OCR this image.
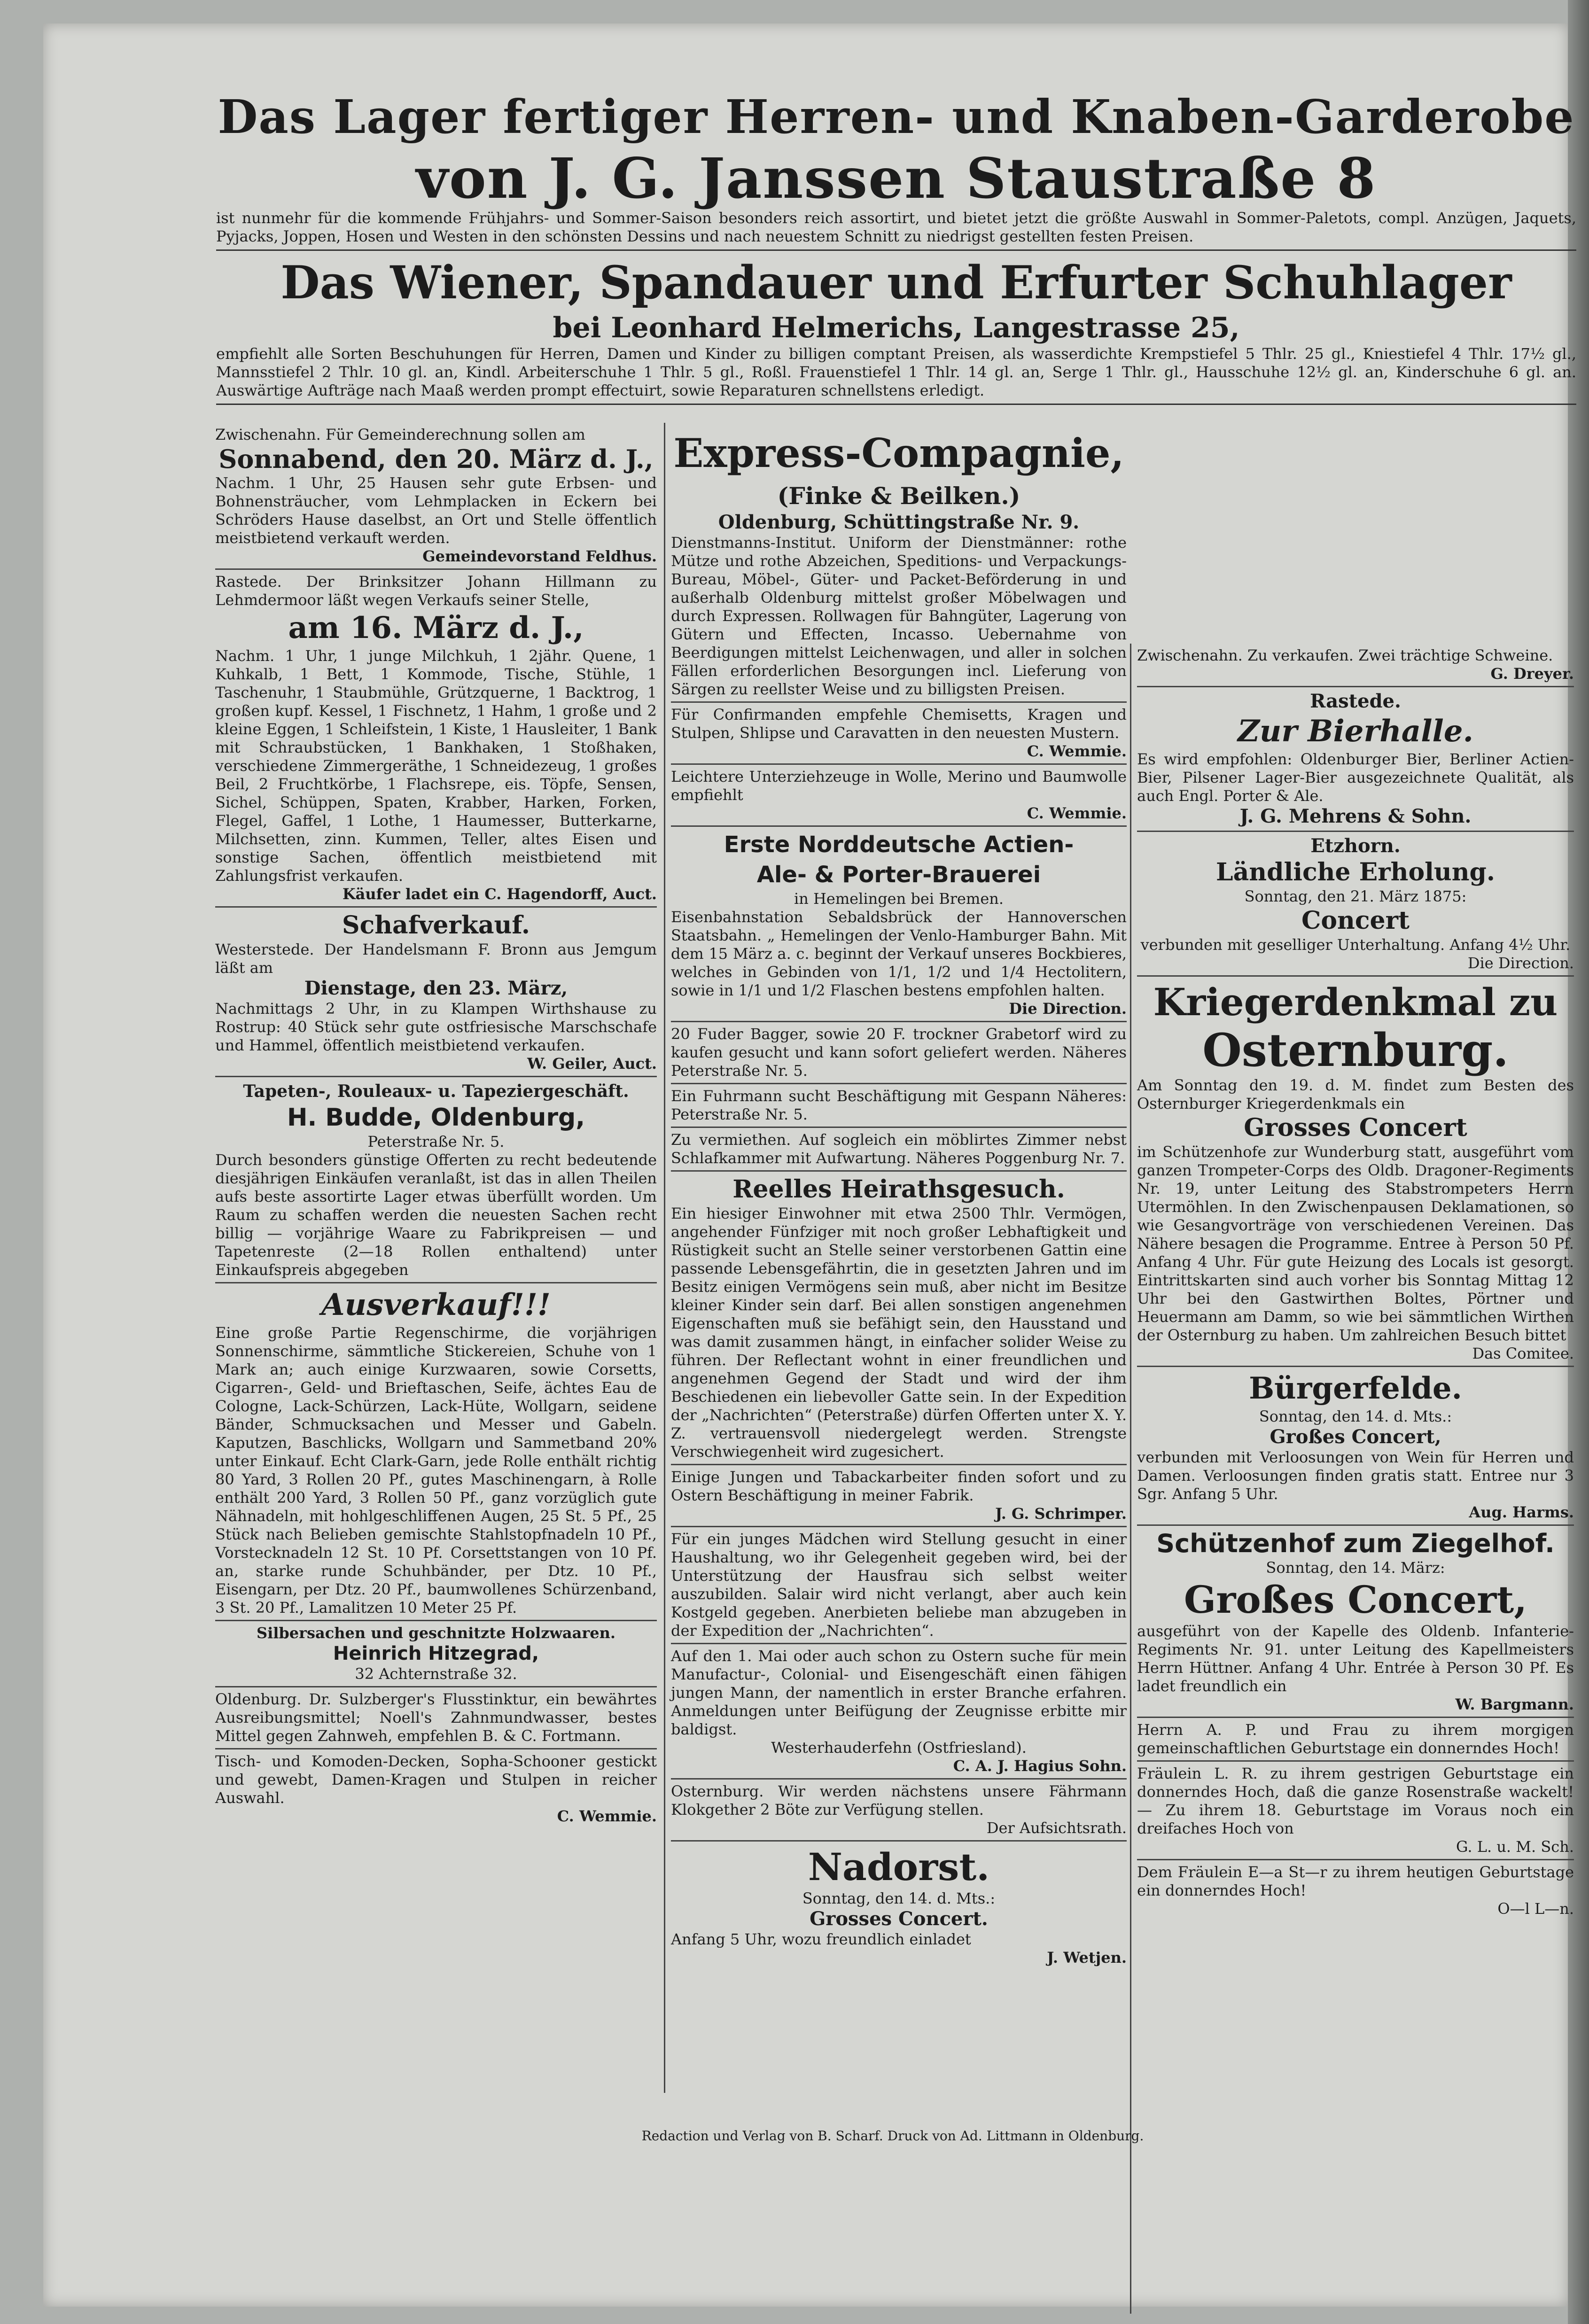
Das Lager fertiger Herren- und Knaben-Garderobe
von J. G. Janssen Staustraße 8

ist nunmehr für die kommende Frühjahrs- und Sommer-Saison besonders reich assortirt, und bietet jetzt die größte Auswahl in Sommer-Paletots, compl. Anzügen, Jaquets, Pyjacks, Joppen, Hosen und Westen in den schönsten Dessins und nach neuestem Schnitt zu niedrigst gestellten festen Preisen.

Das Wiener, Spandauer und Erfurter Schuhlager
bei Leonhard Helmerichs, Langestrasse 25,

empfiehlt alle Sorten Beschuhungen für Herren, Damen und Kinder zu billigen comptant Preisen, als wasserdichte Krempstiefel 5 Thlr. 25 gl., Kniestiefel 4 Thlr. 17½ gl., Mannsstiefel 2 Thlr. 10 gl. an, Kindl. Arbeiterschuhe 1 Thlr. 5 gl., Roßl. Frauenstiefel 1 Thlr. 14 gl. an, Serge 1 Thlr. gl., Hausschuhe 12½ gl. an, Kinderschuhe 6 gl. an. Auswärtige Aufträge nach Maaß werden prompt effectuirt, sowie Reparaturen schnellstens erledigt.

Zwischenahn. Für Gemeinderechnung sollen am

Sonnabend, den 20. März d. J.,

Nachm. 1 Uhr, 25 Hausen sehr gute Erbsen- und Bohnensträucher, vom Lehmplacken in Eckern bei Schröders Hause daselbst, an Ort und Stelle öffentlich meistbietend verkauft werden.

Gemeindevorstand Feldhus.

Rastede. Der Brinksitzer Johann Hillmann zu Lehmdermoor läßt wegen Verkaufs seiner Stelle,

am 16. März d. J.,

Nachm. 1 Uhr, 1 junge Milchkuh, 1 2jähr. Quene, 1 Kuhkalb, 1 Bett, 1 Kommode, Tische, Stühle, 1 Taschenuhr, 1 Staubmühle, Grützquerne, 1 Backtrog, 1 großen kupf. Kessel, 1 Fischnetz, 1 Hahm, 1 große und 2 kleine Eggen, 1 Schleifstein, 1 Kiste, 1 Hausleiter, 1 Bank mit Schraubstücken, 1 Bankhaken, 1 Stoßhaken, verschiedene Zimmergeräthe, 1 Schneidezeug, 1 großes Beil, 2 Fruchtkörbe, 1 Flachsrepe, eis. Töpfe, Sensen, Sichel, Schüppen, Spaten, Krabber, Harken, Forken, Flegel, Gaffel, 1 Lothe, 1 Haumesser, Butterkarne, Milchsetten, zinn. Kummen, Teller, altes Eisen und sonstige Sachen, öffentlich meistbietend mit Zahlungsfrist verkaufen.

Käufer ladet ein C. Hagendorff, Auct.

Schafverkauf.

Westerstede. Der Handelsmann F. Bronn aus Jemgum läßt am

Dienstage, den 23. März,

Nachmittags 2 Uhr, in zu Klampen Wirthshause zu Rostrup: 40 Stück sehr gute ostfriesische Marschschafe und Hammel, öffentlich meistbietend verkaufen.

W. Geiler, Auct.

Tapeten-, Rouleaux- u. Tapeziergeschäft.
H. Budde, Oldenburg,

Peterstraße Nr. 5.

Durch besonders günstige Offerten zu recht bedeutende diesjährigen Einkäufen veranlaßt, ist das in allen Theilen aufs beste assortirte Lager etwas überfüllt worden. Um Raum zu schaffen werden die neuesten Sachen recht billig — vorjährige Waare zu Fabrikpreisen — und Tapetenreste (2—18 Rollen enthaltend) unter Einkaufspreis abgegeben

Ausverkauf!!!

Eine große Partie Regenschirme, die vorjährigen Sonnenschirme, sämmtliche Stickereien, Schuhe von 1 Mark an; auch einige Kurzwaaren, sowie Corsetts, Cigarren-, Geld- und Brieftaschen, Seife, ächtes Eau de Cologne, Lack-Schürzen, Lack-Hüte, Wollgarn, seidene Bänder, Schmucksachen und Messer und Gabeln. Kaputzen, Baschlicks, Wollgarn und Sammetband 20% unter Einkauf. Echt Clark-Garn, jede Rolle enthält richtig 80 Yard, 3 Rollen 20 Pf., gutes Maschinengarn, à Rolle enthält 200 Yard, 3 Rollen 50 Pf., ganz vorzüglich gute Nähnadeln, mit hohlgeschliffenen Augen, 25 St. 5 Pf., 25 Stück nach Belieben gemischte Stahlstopfnadeln 10 Pf., Vorstecknadeln 12 St. 10 Pf. Corsettstangen von 10 Pf. an, starke runde Schuhbänder, per Dtz. 10 Pf., Eisengarn, per Dtz. 20 Pf., baumwollenes Schürzenband, 3 St. 20 Pf., Lamalitzen 10 Meter 25 Pf.

Silbersachen und geschnitzte Holzwaaren.

Heinrich Hitzegrad,

32 Achternstraße 32.

Oldenburg. Dr. Sulzberger's Flusstinktur, ein bewährtes Ausreibungsmittel; Noell's Zahnmundwasser, bestes Mittel gegen Zahnweh, empfehlen B. & C. Fortmann.

Tisch- und Komoden-Decken, Sopha-Schooner gestickt und gewebt, Damen-Kragen und Stulpen in reicher Auswahl.

C. Wemmie.

Express-Compagnie,
(Finke & Beilken.)
Oldenburg, Schüttingstraße Nr. 9.

Dienstmanns-Institut. Uniform der Dienstmänner: rothe Mütze und rothe Abzeichen, Speditions- und Verpackungs-Bureau, Möbel-, Güter- und Packet-Beförderung in und außerhalb Oldenburg mittelst großer Möbelwagen und durch Expressen. Rollwagen für Bahngüter, Lagerung von Gütern und Effecten, Incasso. Uebernahme von Beerdigungen mittelst Leichenwagen, und aller in solchen Fällen erforderlichen Besorgungen incl. Lieferung von Särgen zu reellster Weise und zu billigsten Preisen.

Für Confirmanden empfehle Chemisetts, Kragen und Stulpen, Shlipse und Caravatten in den neuesten Mustern.

C. Wemmie.

Leichtere Unterziehzeuge in Wolle, Merino und Baumwolle empfiehlt

C. Wemmie.

Erste Norddeutsche Actien-
Ale- & Porter-Brauerei

in Hemelingen bei Bremen.

Eisenbahnstation Sebaldsbrück der Hannoverschen Staatsbahn. „ Hemelingen der Venlo-Hamburger Bahn. Mit dem 15 März a. c. beginnt der Verkauf unseres Bockbieres, welches in Gebinden von 1/1, 1/2 und 1/4 Hectolitern, sowie in 1/1 und 1/2 Flaschen bestens empfohlen halten.

Die Direction.

20 Fuder Bagger, sowie 20 F. trockner Grabetorf wird zu kaufen gesucht und kann sofort geliefert werden. Näheres Peterstraße Nr. 5.

Ein Fuhrmann sucht Beschäftigung mit Gespann Näheres: Peterstraße Nr. 5.

Zu vermiethen. Auf sogleich ein möblirtes Zimmer nebst Schlafkammer mit Aufwartung. Näheres Poggenburg Nr. 7.

Reelles Heirathsgesuch.

Ein hiesiger Einwohner mit etwa 2500 Thlr. Vermögen, angehender Fünfziger mit noch großer Lebhaftigkeit und Rüstigkeit sucht an Stelle seiner verstorbenen Gattin eine passende Lebensgefährtin, die in gesetzten Jahren und im Besitz einigen Vermögens sein muß, aber nicht im Besitze kleiner Kinder sein darf. Bei allen sonstigen angenehmen Eigenschaften muß sie befähigt sein, den Hausstand und was damit zusammen hängt, in einfacher solider Weise zu führen. Der Reflectant wohnt in einer freundlichen und angenehmen Gegend der Stadt und wird der ihm Beschiedenen ein liebevoller Gatte sein. In der Expedition der „Nachrichten“ (Peterstraße) dürfen Offerten unter X. Y. Z. vertrauensvoll niedergelegt werden. Strengste Verschwiegenheit wird zugesichert.

Einige Jungen und Tabackarbeiter finden sofort und zu Ostern Beschäftigung in meiner Fabrik.

J. G. Schrimper.

Für ein junges Mädchen wird Stellung gesucht in einer Haushaltung, wo ihr Gelegenheit gegeben wird, bei der Unterstützung der Hausfrau sich selbst weiter auszubilden. Salair wird nicht verlangt, aber auch kein Kostgeld gegeben. Anerbieten beliebe man abzugeben in der Expedition der „Nachrichten“.

Auf den 1. Mai oder auch schon zu Ostern suche für mein Manufactur-, Colonial- und Eisengeschäft einen fähigen jungen Mann, der namentlich in erster Branche erfahren. Anmeldungen unter Beifügung der Zeugnisse erbitte mir baldigst.

Westerhauderfehn (Ostfriesland).

C. A. J. Hagius Sohn.

Osternburg. Wir werden nächstens unsere Fährmann Klokgether 2 Böte zur Verfügung stellen.

Der Aufsichtsrath.

Nadorst.

Sonntag, den 14. d. Mts.:

Grosses Concert.

Anfang 5 Uhr, wozu freundlich einladet

J. Wetjen.

Zwischenahn. Zu verkaufen. Zwei trächtige Schweine.

G. Dreyer.

Rastede.
Zur Bierhalle.

Es wird empfohlen: Oldenburger Bier, Berliner Actien-Bier, Pilsener Lager-Bier ausgezeichnete Qualität, als auch Engl. Porter & Ale.

J. G. Mehrens & Sohn.
Etzhorn.
Ländliche Erholung.

Sonntag, den 21. März 1875:

Concert

verbunden mit geselliger Unterhaltung. Anfang 4½ Uhr.

Die Direction.

Kriegerdenkmal zu
Osternburg.

Am Sonntag den 19. d. M. findet zum Besten des Osternburger Kriegerdenkmals ein

Grosses Concert

im Schützenhofe zur Wunderburg statt, ausgeführt vom ganzen Trompeter-Corps des Oldb. Dragoner-Regiments Nr. 19, unter Leitung des Stabstrompeters Herrn Utermöhlen. In den Zwischenpausen Deklamationen, so wie Gesangvorträge von verschiedenen Vereinen. Das Nähere besagen die Programme. Entree à Person 50 Pf. Anfang 4 Uhr. Für gute Heizung des Locals ist gesorgt. Eintrittskarten sind auch vorher bis Sonntag Mittag 12 Uhr bei den Gastwirthen Boltes, Pörtner und Heuermann am Damm, so wie bei sämmtlichen Wirthen der Osternburg zu haben. Um zahlreichen Besuch bittet

Das Comitee.

Bürgerfelde.

Sonntag, den 14. d. Mts.:

Großes Concert,

verbunden mit Verloosungen von Wein für Herren und Damen. Verloosungen finden gratis statt. Entree nur 3 Sgr. Anfang 5 Uhr.

Aug. Harms.

Schützenhof zum Ziegelhof.

Sonntag, den 14. März:

Großes Concert,

ausgeführt von der Kapelle des Oldenb. Infanterie-Regiments Nr. 91. unter Leitung des Kapellmeisters Herrn Hüttner. Anfang 4 Uhr. Entrée à Person 30 Pf. Es ladet freundlich ein

W. Bargmann.

Herrn A. P. und Frau zu ihrem morgigen gemeinschaftlichen Geburtstage ein donnerndes Hoch!

Fräulein L. R. zu ihrem gestrigen Geburtstage ein donnerndes Hoch, daß die ganze Rosenstraße wackelt! — Zu ihrem 18. Geburtstage im Voraus noch ein dreifaches Hoch von

G. L. u. M. Sch.

Dem Fräulein E—a St—r zu ihrem heutigen Geburtstage ein donnerndes Hoch!

O—l L—n.

Redaction und Verlag von B. Scharf. Druck von Ad. Littmann in Oldenburg.
